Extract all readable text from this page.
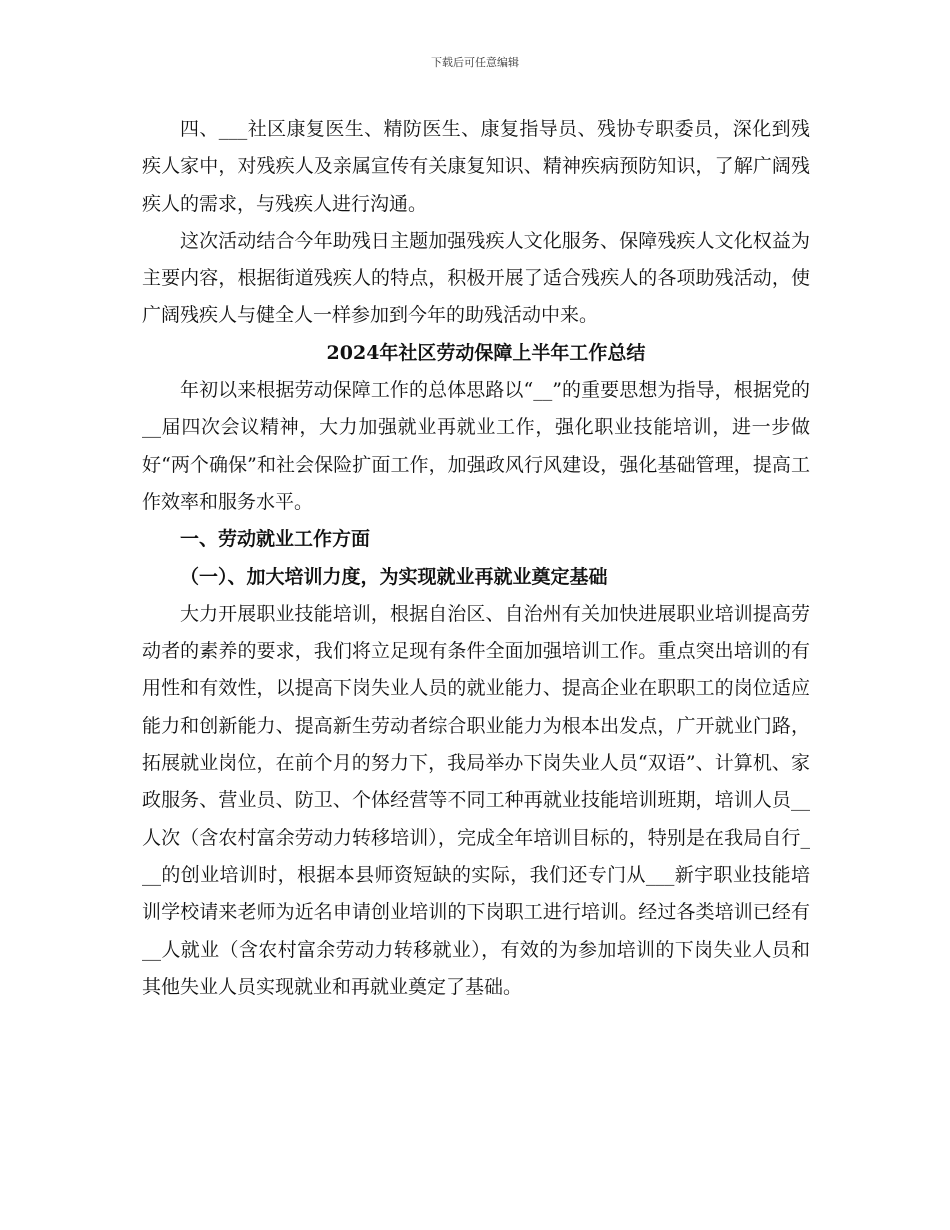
下载后可任意编辑

四、___社区康复医生、精防医生、康复指导员、残协专职委员，深化到残疾人家中，对残疾人及亲属宣传有关康复知识、精神疾病预防知识，了解广阔残疾人的需求，与残疾人进行沟通。

这次活动结合今年助残日主题加强残疾人文化服务、保障残疾人文化权益为主要内容，根据街道残疾人的特点，积极开展了适合残疾人的各项助残活动，使广阔残疾人与健全人一样参加到今年的助残活动中来。

2024年社区劳动保障上半年工作总结

年初以来根据劳动保障工作的总体思路以“__”的重要思想为指导，根据党的__届四次会议精神，大力加强就业再就业工作，强化职业技能培训，进一步做好“两个确保”和社会保险扩面工作，加强政风行风建设，强化基础管理，提高工作效率和服务水平。

一、劳动就业工作方面

（一）、加大培训力度，为实现就业再就业奠定基础

大力开展职业技能培训，根据自治区、自治州有关加快进展职业培训提高劳动者的素养的要求，我们将立足现有条件全面加强培训工作。重点突出培训的有用性和有效性，以提高下岗失业人员的就业能力、提高企业在职职工的岗位适应能力和创新能力、提高新生劳动者综合职业能力为根本出发点，广开就业门路，拓展就业岗位，在前个月的努力下，我局举办下岗失业人员“双语”、计算机、家政服务、营业员、防卫、个体经营等不同工种再就业技能培训班期，培训人员__人次（含农村富余劳动力转移培训），完成全年培训目标的，特别是在我局自行___的创业培训时，根据本县师资短缺的实际，我们还专门从___新宇职业技能培训学校请来老师为近名申请创业培训的下岗职工进行培训。经过各类培训已经有__人就业（含农村富余劳动力转移就业），有效的为参加培训的下岗失业人员和其他失业人员实现就业和再就业奠定了基础。
